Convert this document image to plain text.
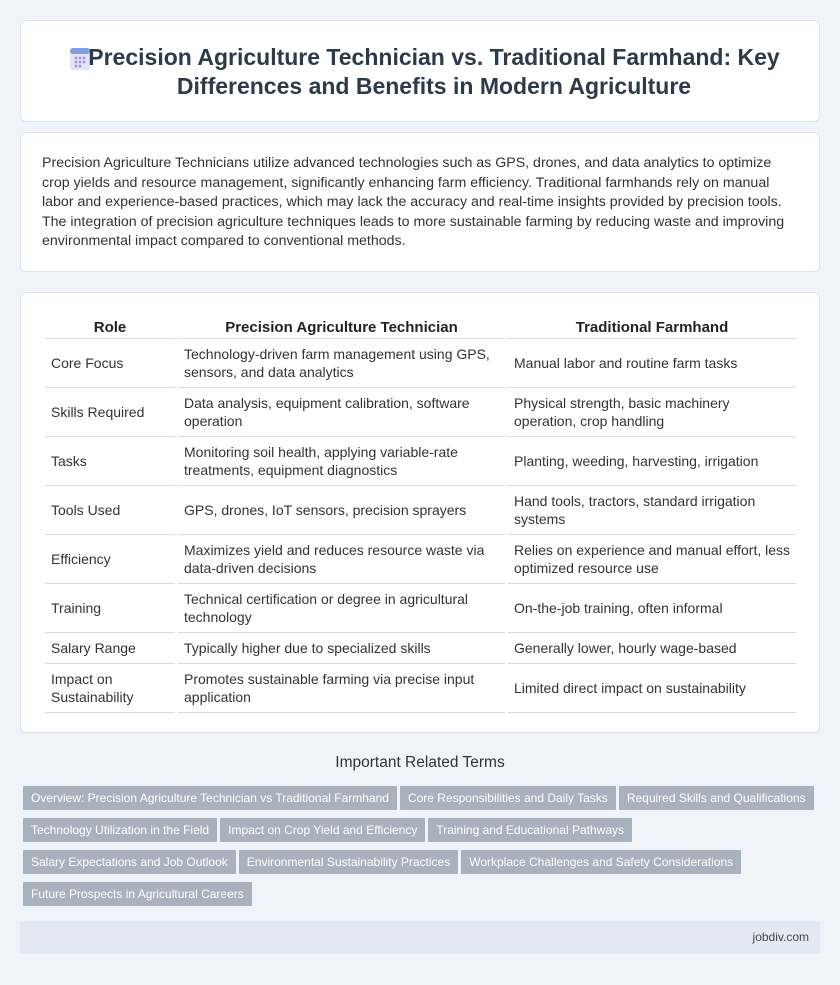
Precision Agriculture Technician vs. Traditional Farmhand: Key Differences and Benefits in Modern Agriculture

Precision Agriculture Technicians utilize advanced technologies such as GPS, drones, and data analytics to optimize crop yields and resource management, significantly enhancing farm efficiency. Traditional farmhands rely on manual labor and experience-based practices, which may lack the accuracy and real-time insights provided by precision tools. The integration of precision agriculture techniques leads to more sustainable farming by reducing waste and improving environmental impact compared to conventional methods.

Role	Precision Agriculture Technician	Traditional Farmhand
Core Focus	Technology-driven farm management using GPS, sensors, and data analytics	Manual labor and routine farm tasks
Skills Required	Data analysis, equipment calibration, software operation	Physical strength, basic machinery operation, crop handling
Tasks	Monitoring soil health, applying variable-rate treatments, equipment diagnostics	Planting, weeding, harvesting, irrigation
Tools Used	GPS, drones, IoT sensors, precision sprayers	Hand tools, tractors, standard irrigation systems
Efficiency	Maximizes yield and reduces resource waste via data-driven decisions	Relies on experience and manual effort, less optimized resource use
Training	Technical certification or degree in agricultural technology	On-the-job training, often informal
Salary Range	Typically higher due to specialized skills	Generally lower, hourly wage-based
Impact on Sustainability	Promotes sustainable farming via precise input application	Limited direct impact on sustainability
Important Related Terms
Overview: Precision Agriculture Technician vs Traditional Farmhand Core Responsibilities and Daily Tasks Required Skills and QualificationsTechnology Utilization in the Field Impact on Crop Yield and Efficiency Training and Educational PathwaysSalary Expectations and Job Outlook Environmental Sustainability Practices Workplace Challenges and Safety ConsiderationsFuture Prospects in Agricultural Careers
jobdiv.com
